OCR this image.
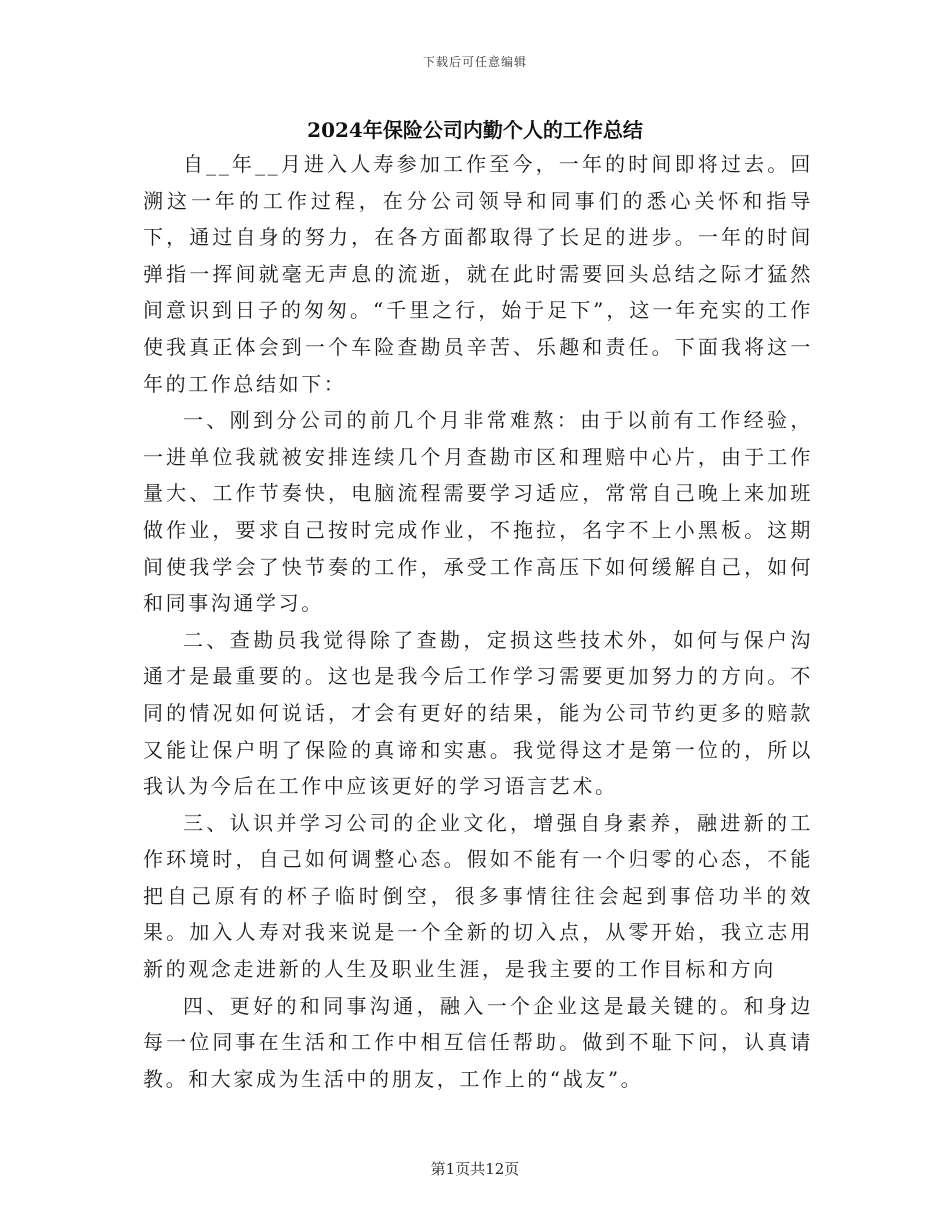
下载后可任意编辑
2024年保险公司内勤个人的工作总结

自__年__月进入人寿参加工作至今，一年的时间即将过去。回溯这一年的工作过程，在分公司领导和同事们的悉心关怀和指导下，通过自身的努力，在各方面都取得了长足的进步。一年的时间弹指一挥间就毫无声息的流逝，就在此时需要回头总结之际才猛然间意识到日子的匆匆。“千里之行，始于足下”，这一年充实的工作使我真正体会到一个车险查勘员辛苦、乐趣和责任。下面我将这一年的工作总结如下：

一、刚到分公司的前几个月非常难熬：由于以前有工作经验，一进单位我就被安排连续几个月查勘市区和理赔中心片，由于工作量大、工作节奏快，电脑流程需要学习适应，常常自己晚上来加班做作业，要求自己按时完成作业，不拖拉，名字不上小黑板。这期间使我学会了快节奏的工作，承受工作高压下如何缓解自己，如何和同事沟通学习。

二、查勘员我觉得除了查勘，定损这些技术外，如何与保户沟通才是最重要的。这也是我今后工作学习需要更加努力的方向。不同的情况如何说话，才会有更好的结果，能为公司节约更多的赔款又能让保户明了保险的真谛和实惠。我觉得这才是第一位的，所以我认为今后在工作中应该更好的学习语言艺术。

三、认识并学习公司的企业文化，增强自身素养，融进新的工作环境时，自己如何调整心态。假如不能有一个归零的心态，不能把自己原有的杯子临时倒空，很多事情往往会起到事倍功半的效果。加入人寿对我来说是一个全新的切入点，从零开始，我立志用新的观念走进新的人生及职业生涯，是我主要的工作目标和方向

四、更好的和同事沟通，融入一个企业这是最关键的。和身边每一位同事在生活和工作中相互信任帮助。做到不耻下问，认真请教。和大家成为生活中的朋友，工作上的“战友”。

第1页共12页
